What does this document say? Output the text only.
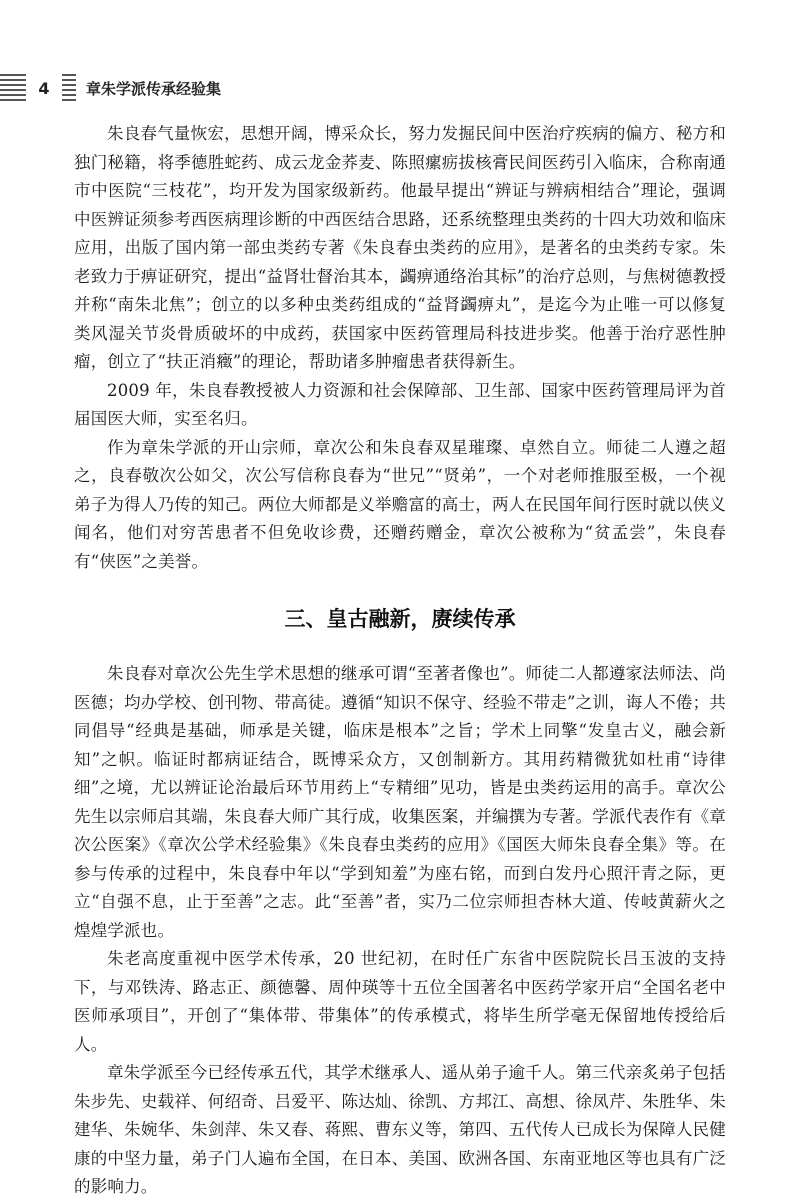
4	章朱学派传承经验集

朱良春气量恢宏，思想开阔，博采众长，努力发掘民间中医治疗疾病的偏方、秘方和独门秘籍，将季德胜蛇药、成云龙金荞麦、陈照瘰疬拔核膏民间医药引入临床，合称南通市中医院“三枝花”，均开发为国家级新药。他最早提出“辨证与辨病相结合”理论，强调中医辨证须参考西医病理诊断的中西医结合思路，还系统整理虫类药的十四大功效和临床应用，出版了国内第一部虫类药专著《朱良春虫类药的应用》，是著名的虫类药专家。朱老致力于痹证研究，提出“益肾壮督治其本，蠲痹通络治其标”的治疗总则，与焦树德教授并称“南朱北焦”；创立的以多种虫类药组成的“益肾蠲痹丸”，是迄今为止唯一可以修复类风湿关节炎骨质破坏的中成药，获国家中医药管理局科技进步奖。他善于治疗恶性肿瘤，创立了“扶正消癥”的理论，帮助诸多肿瘤患者获得新生。

2009 年，朱良春教授被人力资源和社会保障部、卫生部、国家中医药管理局评为首届国医大师，实至名归。

作为章朱学派的开山宗师，章次公和朱良春双星璀璨、卓然自立。师徒二人遵之超之，良春敬次公如父，次公写信称良春为“世兄”“贤弟”，一个对老师推服至极，一个视弟子为得人乃传的知己。两位大师都是义举赡富的高士，两人在民国年间行医时就以侠义闻名，他们对穷苦患者不但免收诊费，还赠药赠金，章次公被称为“贫孟尝”，朱良春有“侠医”之美誉。

三、皇古融新，赓续传承

朱良春对章次公先生学术思想的继承可谓“至著者像也”。师徒二人都遵家法师法、尚医德；均办学校、创刊物、带高徒。遵循“知识不保守、经验不带走”之训，诲人不倦；共同倡导“经典是基础，师承是关键，临床是根本”之旨；学术上同擎“发皇古义，融会新知”之帜。临证时都病证结合，既博采众方，又创制新方。其用药精微犹如杜甫“诗律细”之境，尤以辨证论治最后环节用药上“专精细”见功，皆是虫类药运用的高手。章次公先生以宗师启其端，朱良春大师广其行成，收集医案，并编撰为专著。学派代表作有《章次公医案》《章次公学术经验集》《朱良春虫类药的应用》《国医大师朱良春全集》等。在参与传承的过程中，朱良春中年以“学到知羞”为座右铭，而到白发丹心照汗青之际，更立“自强不息，止于至善”之志。此“至善”者，实乃二位宗师担杏林大道、传岐黄薪火之煌煌学派也。

朱老高度重视中医学术传承，20 世纪初，在时任广东省中医院院长吕玉波的支持下，与邓铁涛、路志正、颜德馨、周仲瑛等十五位全国著名中医药学家开启“全国名老中医师承项目”，开创了“集体带、带集体”的传承模式，将毕生所学毫无保留地传授给后人。

章朱学派至今已经传承五代，其学术继承人、遥从弟子逾千人。第三代亲炙弟子包括朱步先、史载祥、何绍奇、吕爱平、陈达灿、徐凯、方邦江、高想、徐凤芹、朱胜华、朱建华、朱婉华、朱剑萍、朱又春、蒋熙、曹东义等，第四、五代传人已成长为保障人民健康的中坚力量，弟子门人遍布全国，在日本、美国、欧洲各国、东南亚地区等也具有广泛的影响力。
